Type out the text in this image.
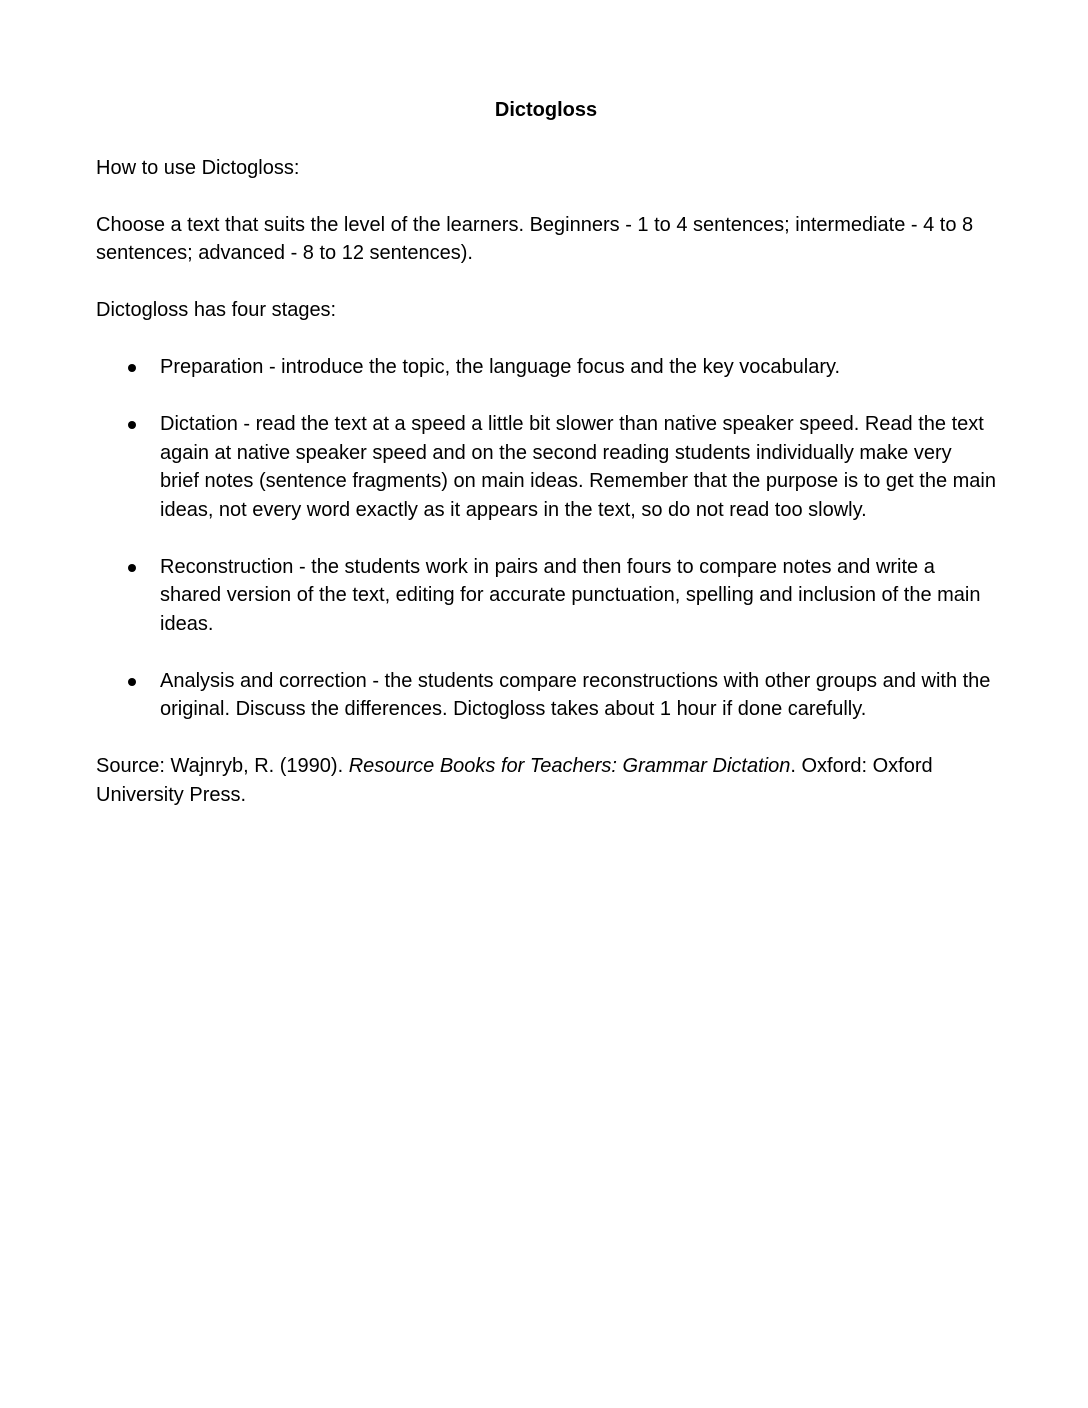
Dictogloss

How to use Dictogloss:

Choose a text that suits the level of the learners. Beginners - 1 to 4 sentences; intermediate - 4 to 8 sentences; advanced - 8 to 12 sentences).

Dictogloss has four stages:

Preparation - introduce the topic, the language focus and the key vocabulary.
Dictation - read the text at a speed a little bit slower than native speaker speed. Read the text again at native speaker speed and on the second reading students individually make very brief notes (sentence fragments) on main ideas. Remember that the purpose is to get the main ideas, not every word exactly as it appears in the text, so do not read too slowly.
Reconstruction - the students work in pairs and then fours to compare notes and write a shared version of the text, editing for accurate punctuation, spelling and inclusion of the main ideas.
Analysis and correction - the students compare reconstructions with other groups and with the original. Discuss the differences. Dictogloss takes about 1 hour if done carefully.

Source: Wajnryb, R. (1990). Resource Books for Teachers: Grammar Dictation. Oxford: Oxford University Press.
